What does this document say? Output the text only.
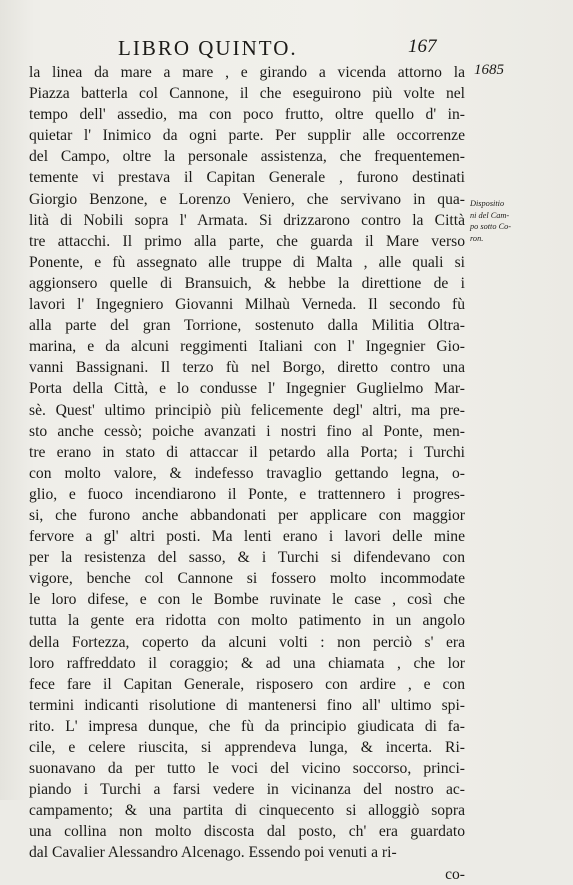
LIBRO QUINTO.	167
1685
Dispositio
ni del Cam-
po sotto Co-
ron.
la linea da mare a mare , e girando a vicenda attorno la
Piazza batterla col Cannone, il che eseguirono più volte nel
tempo dell' assedio, ma con poco frutto, oltre quello d' in-
quietar l' Inimico da ogni parte. Per supplir alle occorrenze
del Campo, oltre la personale assistenza, che frequentemen-
temente vi prestava il Capitan Generale , furono destinati
Giorgio Benzone, e Lorenzo Veniero, che servivano in qua-
lità di Nobili sopra l' Armata. Si drizzarono contro la Città
tre attacchi. Il primo alla parte, che guarda il Mare verso
Ponente, e fù assegnato alle truppe di Malta , alle quali si
aggionsero quelle di Bransuich, & hebbe la direttione de i
lavori l' Ingegniero Giovanni Milhaù Verneda. Il secondo fù
alla parte del gran Torrione, sostenuto dalla Militia Oltra-
marina, e da alcuni reggimenti Italiani con l' Ingegnier Gio-
vanni Bassignani. Il terzo fù nel Borgo, diretto contro una
Porta della Città, e lo condusse l' Ingegnier Guglielmo Mar-
sè. Quest' ultimo principiò più felicemente degl' altri, ma pre-
sto anche cessò; poiche avanzati i nostri fino al Ponte, men-
tre erano in stato di attaccar il petardo alla Porta; i Turchi
con molto valore, & indefesso travaglio gettando legna, o-
glio, e fuoco incendiarono il Ponte, e trattennero i progres-
si, che furono anche abbandonati per applicare con maggior
fervore a gl' altri posti. Ma lenti erano i lavori delle mine
per la resistenza del sasso, & i Turchi si difendevano con
vigore, benche col Cannone si fossero molto incommodate
le loro difese, e con le Bombe ruvinate le case , così che
tutta la gente era ridotta con molto patimento in un angolo
della Fortezza, coperto da alcuni volti : non perciò s' era
loro raffreddato il coraggio; & ad una chiamata , che lor
fece fare il Capitan Generale, risposero con ardire , e con
termini indicanti risolutione di mantenersi fino all' ultimo spi-
rito. L' impresa dunque, che fù da principio giudicata di fa-
cile, e celere riuscita, si apprendeva lunga, & incerta. Ri-
suonavano da per tutto le voci del vicino soccorso, princi-
piando i Turchi a farsi vedere in vicinanza del nostro ac-
campamento; & una partita di cinquecento si alloggiò sopra
una collina non molto discosta dal posto, ch' era guardato
dal Cavalier Alessandro Alcenago. Essendo poi venuti a ri-
co-
